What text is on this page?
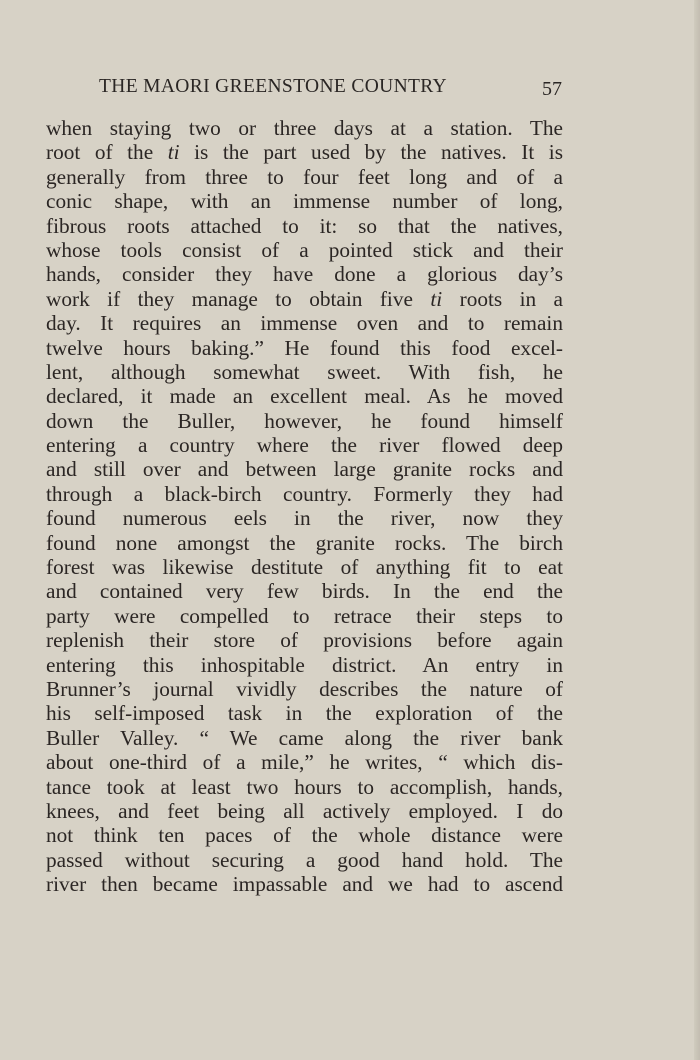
THE MAORI GREENSTONE COUNTRY	57
when staying two or three days at a station. The
root of the ti is the part used by the natives. It is
generally from three to four feet long and of a
conic shape, with an immense number of long,
fibrous roots attached to it: so that the natives,
whose tools consist of a pointed stick and their
hands, consider they have done a glorious day’s
work if they manage to obtain five ti roots in a
day. It requires an immense oven and to remain
twelve hours baking.” He found this food excel-
lent, although somewhat sweet. With fish, he
declared, it made an excellent meal. As he moved
down the Buller, however, he found himself
entering a country where the river flowed deep
and still over and between large granite rocks and
through a black-birch country. Formerly they had
found numerous eels in the river, now they
found none amongst the granite rocks. The birch
forest was likewise destitute of anything fit to eat
and contained very few birds. In the end the
party were compelled to retrace their steps to
replenish their store of provisions before again
entering this inhospitable district. An entry in
Brunner’s journal vividly describes the nature of
his self-imposed task in the exploration of the
Buller Valley. “ We came along the river bank
about one-third of a mile,” he writes, “ which dis-
tance took at least two hours to accomplish, hands,
knees, and feet being all actively employed. I do
not think ten paces of the whole distance were
passed without securing a good hand hold. The
river then became impassable and we had to ascend
